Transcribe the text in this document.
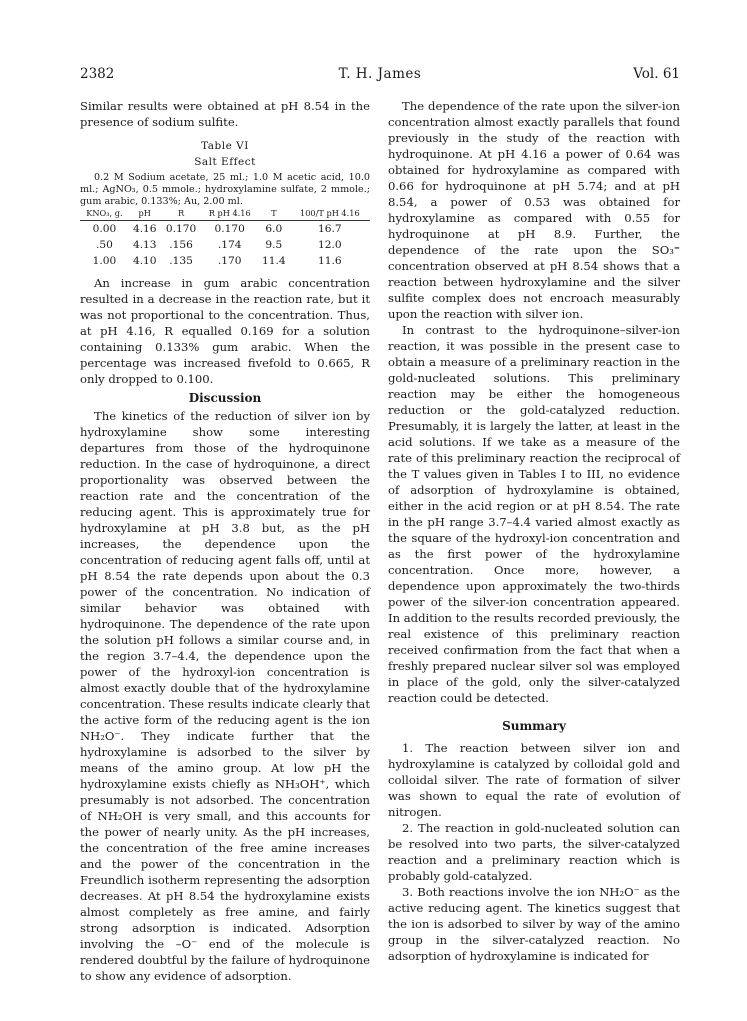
2382	T. H. James	Vol. 61

Similar results were obtained at pH 8.54 in the presence of sodium sulfite.

Table VI

Salt Effect

0.2 M Sodium acetate, 25 ml.; 1.0 M acetic acid, 10.0 ml.; AgNO₃, 0.5 mmole.; hydroxylamine sulfate, 2 mmole.; gum arabic, 0.133%; Au, 2.00 ml.

KNO₃, g.	pH	R	R pH 4.16	T	100/T pH 4.16
0.00	4.16	0.170	0.170	6.0	16.7
.50	4.13	.156	.174	9.5	12.0
1.00	4.10	.135	.170	11.4	11.6

An increase in gum arabic concentration resulted in a decrease in the reaction rate, but it was not proportional to the concentration. Thus, at pH 4.16, R equalled 0.169 for a solution containing 0.133% gum arabic. When the percentage was increased fivefold to 0.665, R only dropped to 0.100.

Discussion

The kinetics of the reduction of silver ion by hydroxylamine show some interesting departures from those of the hydroquinone reduction. In the case of hydroquinone, a direct proportionality was observed between the reaction rate and the concentration of the reducing agent. This is approximately true for hydroxylamine at pH 3.8 but, as the pH increases, the dependence upon the concentration of reducing agent falls off, until at pH 8.54 the rate depends upon about the 0.3 power of the concentration. No indication of similar behavior was obtained with hydroquinone. The dependence of the rate upon the solution pH follows a similar course and, in the region 3.7–4.4, the dependence upon the power of the hydroxyl-ion concentration is almost exactly double that of the hydroxylamine concentration. These results indicate clearly that the active form of the reducing agent is the ion NH₂O⁻. They indicate further that the hydroxylamine is adsorbed to the silver by means of the amino group. At low pH the hydroxylamine exists chiefly as NH₃OH⁺, which presumably is not adsorbed. The concentration of NH₂OH is very small, and this accounts for the power of nearly unity. As the pH increases, the concentration of the free amine increases and the power of the concentration in the Freundlich isotherm representing the adsorption decreases. At pH 8.54 the hydroxylamine exists almost completely as free amine, and fairly strong adsorption is indicated. Adsorption involving the –O⁻ end of the molecule is rendered doubtful by the failure of hydroquinone to show any evidence of adsorption.

The dependence of the rate upon the silver-ion concentration almost exactly parallels that found previously in the study of the reaction with hydroquinone. At pH 4.16 a power of 0.64 was obtained for hydroxylamine as compared with 0.66 for hydroquinone at pH 5.74; and at pH 8.54, a power of 0.53 was obtained for hydroxylamine as compared with 0.55 for hydroquinone at pH 8.9. Further, the dependence of the rate upon the SO₃⁼ concentration observed at pH 8.54 shows that a reaction between hydroxylamine and the silver sulfite complex does not encroach measurably upon the reaction with silver ion.

In contrast to the hydroquinone–silver-ion reaction, it was possible in the present case to obtain a measure of a preliminary reaction in the gold-nucleated solutions. This preliminary reaction may be either the homogeneous reduction or the gold-catalyzed reduction. Presumably, it is largely the latter, at least in the acid solutions. If we take as a measure of the rate of this preliminary reaction the reciprocal of the T values given in Tables I to III, no evidence of adsorption of hydroxylamine is obtained, either in the acid region or at pH 8.54. The rate in the pH range 3.7–4.4 varied almost exactly as the square of the hydroxyl-ion concentration and as the first power of the hydroxylamine concentration. Once more, however, a dependence upon approximately the two-thirds power of the silver-ion concentration appeared. In addition to the results recorded previously, the real existence of this preliminary reaction received confirmation from the fact that when a freshly prepared nuclear silver sol was employed in place of the gold, only the silver-catalyzed reaction could be detected.

Summary

1. The reaction between silver ion and hydroxylamine is catalyzed by colloidal gold and colloidal silver. The rate of formation of silver was shown to equal the rate of evolution of nitrogen.

2. The reaction in gold-nucleated solution can be resolved into two parts, the silver-catalyzed reaction and a preliminary reaction which is probably gold-catalyzed.

3. Both reactions involve the ion NH₂O⁻ as the active reducing agent. The kinetics suggest that the ion is adsorbed to silver by way of the amino group in the silver-catalyzed reaction. No adsorption of hydroxylamine is indicated for
